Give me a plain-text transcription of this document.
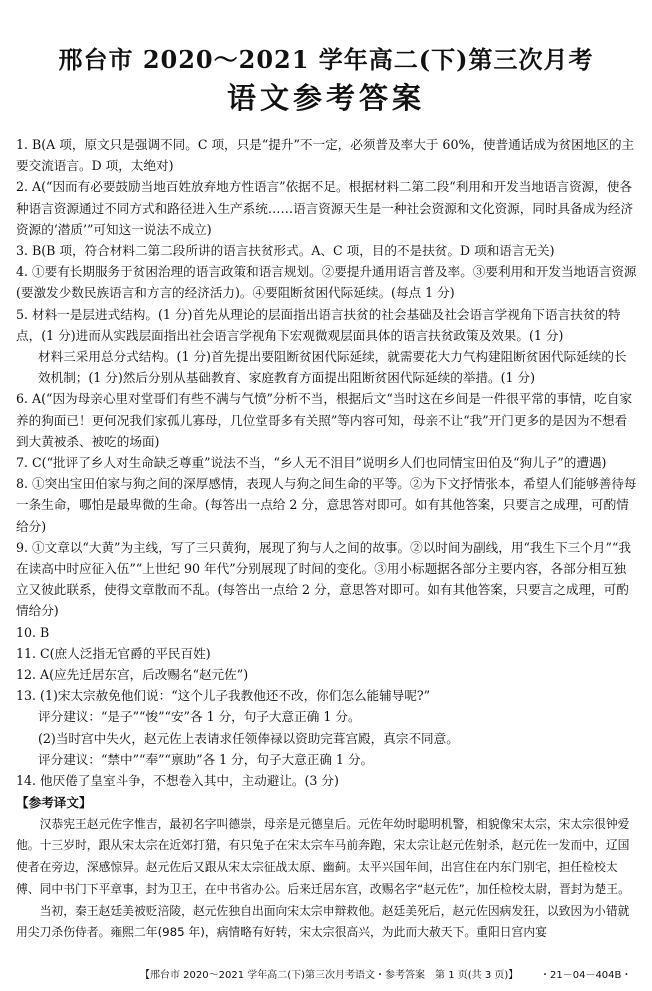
邢台市 2020～2021 学年高二(下)第三次月考
语文参考答案

1. B(A 项，原文只是强调不同。C 项，只是“提升”不一定，必须普及率大于 60%，使普通话成为贫困地区的主要交流语言。D 项，太绝对)

2. A(“因而有必要鼓励当地百姓放弃地方性语言”依据不足。根据材料二第二段“利用和开发当地语言资源，使各种语言资源通过不同方式和路径进入生产系统……语言资源天生是一种社会资源和文化资源，同时具备成为经济资源的‘潜质’”可知这一说法不成立)

3. B(B 项，符合材料二第二段所讲的语言扶贫形式。A、C 项，目的不是扶贫。D 项和语言无关)

4. ①要有长期服务于贫困治理的语言政策和语言规划。②要提升通用语言普及率。③要利用和开发当地语言资源(要激发少数民族语言和方言的经济活力)。④要阻断贫困代际延续。(每点 1 分)

5. 材料一是层进式结构。(1 分)首先从理论的层面指出语言扶贫的社会基础及社会语言学视角下语言扶贫的特点，(1 分)进而从实践层面指出社会语言学视角下宏观微观层面具体的语言扶贫政策及效果。(1 分)

材料三采用总分式结构。(1 分)首先提出要阻断贫困代际延续，就需要花大力气构建阻断贫困代际延续的长效机制；(1 分)然后分别从基础教育、家庭教育方面提出阻断贫困代际延续的举措。(1 分)

6. A(“因为母亲心里对堂哥们有些不满与气愤”分析不当，根据后文“当时这在乡间是一件很平常的事情，吃自家养的狗面已！更何况我们家孤儿寡母，几位堂哥多有关照”等内容可知，母亲不让“我”开门更多的是因为不想看到大黄被杀、被吃的场面)

7. C(“批评了乡人对生命缺乏尊重”说法不当，“乡人无不泪目”说明乡人们也同情宝田伯及“狗儿子”的遭遇)

8. ①突出宝田伯家与狗之间的深厚感情，表现人与狗之间生命的平等。②为下文抒情张本，希望人们能够善待每一条生命，哪怕是最卑微的生命。(每答出一点给 2 分，意思答对即可。如有其他答案，只要言之成理，可酌情给分)

9. ①文章以“大黄”为主线，写了三只黄狗，展现了狗与人之间的故事。②以时间为副线，用“我生下三个月”“我在读高中时应征入伍”“上世纪 90 年代”分别展现了时间的变化。③用小标题据各部分主要内容，各部分相互独立又彼此联系，使得文章散而不乱。(每答出一点给 2 分，意思答对即可。如有其他答案，只要言之成理，可酌情给分)

10. B

11. C(庶人泛指无官爵的平民百姓)

12. A(应先迁居东宫，后改赐名“赵元佐”)

13. (1)宋太宗赦免他们说：“这个儿子我教他还不改，你们怎么能辅导呢?”

评分建议：“是子”“悛”“安”各 1 分，句子大意正确 1 分。

(2)当时宫中失火，赵元佐上表请求任领俸禄以资助完葺宫殿，真宗不同意。

评分建议：“禁中”“奉”“禀助”各 1 分，句子大意正确 1 分。

14. 他厌倦了皇室斗争，不想卷入其中，主动避让。(3 分)

【参考译文】

汉恭宪王赵元佐字惟吉，最初名字叫德崇，母亲是元德皇后。元佐年幼时聪明机警，相貌像宋太宗，宋太宗很钟爱他。十三岁时，跟从宋太宗在近郊打猎，有只兔子在宋太宗车马前奔跑，宋太宗让赵元佐射杀，赵元佐一发而中，辽国使者在旁边，深感惊异。赵元佐后又跟从宋太宗征战太原、幽蓟。太平兴国年间，出宫住在内东门别宅，担任检校太傅、同中书门下平章事，封为卫王，在中书省办公。后来迁居东宫，改赐名字“赵元佐”，加任检校太尉，晋封为楚王。

当初，秦王赵廷美被贬涪陵，赵元佐独自出面向宋太宗申辩救他。赵廷美死后，赵元佐因病发狂，以致因为小错就用尖刀杀伤侍者。雍熙二年(985 年)，病情略有好转，宋太宗很高兴，为此而大赦天下。重阳日宫内宴

【邢台市 2020～2021 学年高二(下)第三次月考语文・参考答案　第 1 页(共 3 页)】 ・21－04－404B・
